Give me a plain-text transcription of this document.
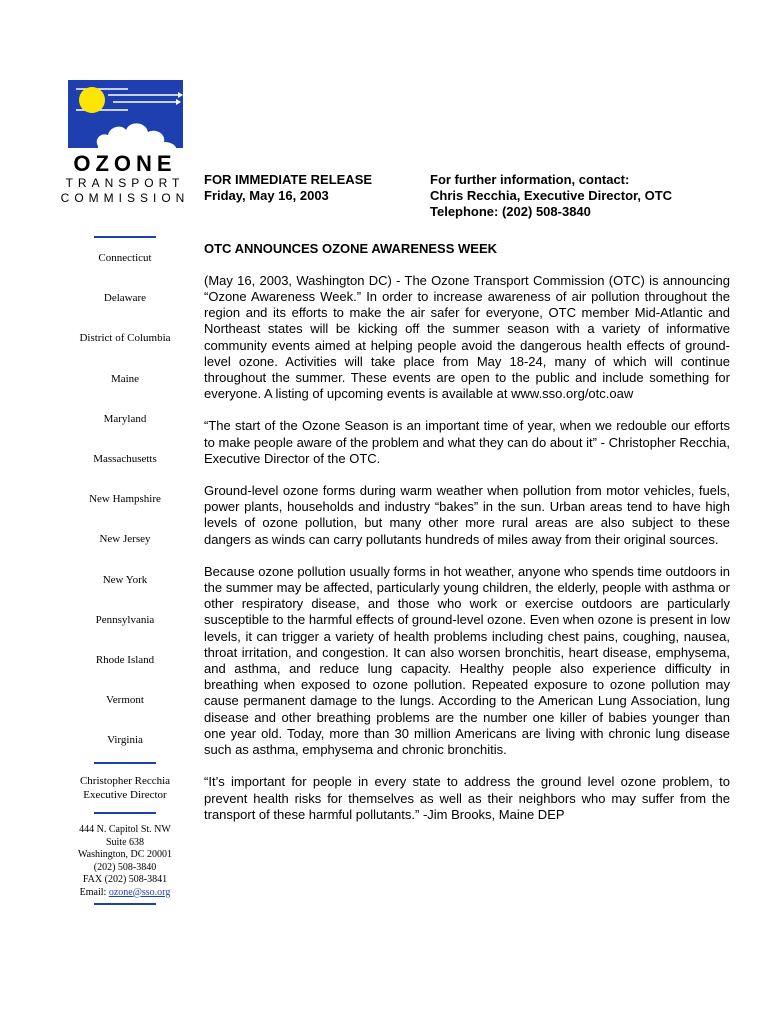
OZONE
TRANSPORT
COMMISSION
Connecticut
Delaware
District of Columbia
Maine
Maryland
Massachusetts
New Hampshire
New Jersey
New York
Pennsylvania
Rhode Island
Vermont
Virginia
Christopher Recchia
Executive Director
444 N. Capitol St. NW
Suite 638
Washington, DC 20001
(202) 508-3840
FAX (202) 508-3841
Email: ozone@sso.org
FOR IMMEDIATE RELEASE
Friday, May 16, 2003
For further information, contact:
Chris Recchia, Executive Director, OTC
Telephone: (202) 508-3840
OTC ANNOUNCES OZONE AWARENESS WEEK

(May 16, 2003, Washington DC) - The Ozone Transport Commission (OTC) is announcing “Ozone Awareness Week.” In order to increase awareness of air pollution throughout the region and its efforts to make the air safer for everyone, OTC member Mid-Atlantic and Northeast states will be kicking off the summer season with a variety of informative community events aimed at helping people avoid the dangerous health effects of ground-level ozone. Activities will take place from May 18-24, many of which will continue throughout the summer. These events are open to the public and include something for everyone. A listing of upcoming events is available at www.sso.org/otc.oaw

“The start of the Ozone Season is an important time of year, when we redouble our efforts to make people aware of the problem and what they can do about it” - Christopher Recchia, Executive Director of the OTC.

Ground-level ozone forms during warm weather when pollution from motor vehicles, fuels, power plants, households and industry “bakes” in the sun. Urban areas tend to have high levels of ozone pollution, but many other more rural areas are also subject to these dangers as winds can carry pollutants hundreds of miles away from their original sources.

Because ozone pollution usually forms in hot weather, anyone who spends time outdoors in the summer may be affected, particularly young children, the elderly, people with asthma or other respiratory disease, and those who work or exercise outdoors are particularly susceptible to the harmful effects of ground-level ozone. Even when ozone is present in low levels, it can trigger a variety of health problems including chest pains, coughing, nausea, throat irritation, and congestion. It can also worsen bronchitis, heart disease, emphysema, and asthma, and reduce lung capacity. Healthy people also experience difficulty in breathing when exposed to ozone pollution. Repeated exposure to ozone pollution may cause permanent damage to the lungs. According to the American Lung Association, lung disease and other breathing problems are the number one killer of babies younger than one year old. Today, more than 30 million Americans are living with chronic lung disease such as asthma, emphysema and chronic bronchitis.

“It’s important for people in every state to address the ground level ozone problem, to prevent health risks for themselves as well as their neighbors who may suffer from the transport of these harmful pollutants.” -Jim Brooks, Maine DEP
